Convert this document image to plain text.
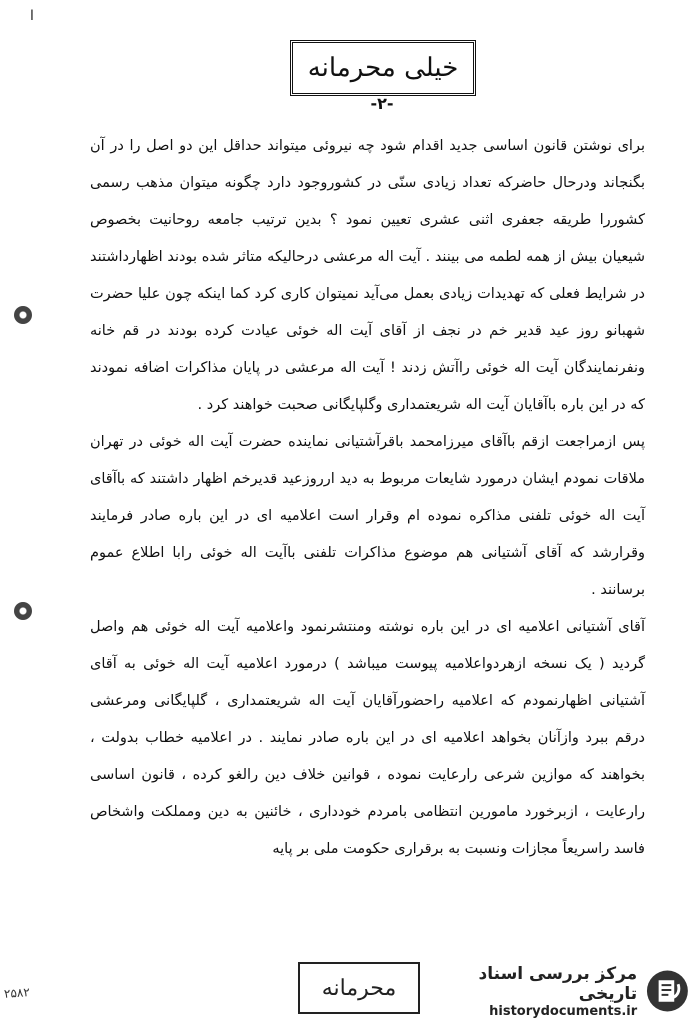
ا
خیلی محرمانه
-۲-

برای نوشتن قانون اساسی جدید اقدام شود چه نیروئی میتواند حداقل این دو اصل را در آن بگنجاند ودرحال حاضرکه تعداد زیادی سنّی در کشوروجود دارد چگونه میتوان مذهب رسمی کشوررا طریقه‌ جعفری اثنی عشری تعیین نمود ؟ بدین ترتیب جامعه‌ روحانیت بخصوص شیعیان بیش از همه لطمه می بینند . آیت اله مرعشی درحالیکه متاثر شده بودند اظهارداشتند در شرایط فعلی که تهدیدات زیادی بعمل می‌آید نمیتوان کاری کرد کما اینکه چون علیا حضرت شهبانو روز عید قدیر خم در نجف از آقای آیت اله خوئی عیادت کرده بودند در قم خانه‌ ونفرنمایندگان آیت اله خوئی راآتش زدند ! آیت اله مرعشی در پایان مذاکرات اضافه نمودند که در این باره باآقایان آیت اله شریعتمداری وگلپایگانی صحبت خواهند کرد .

پس ازمراجعت ازقم باآقای میرزامحمد باقرآشتیانی نماینده‌ حضرت آیت اله خوئی در تهران ملاقات نمودم ایشان درمورد شایعات مربوط به دید ارروزعید قدیرخم اظهار داشتند که باآقای آیت اله خوئی تلفنی مذاکره نموده ام وقرار است اعلامیه ای در این باره صادر فرمایند وقرارشد که آقای آشتیانی هم موضوع مذاکرات تلفنی باآیت اله خوئی رابا اطلاع عموم برسانند .

آقای آشتیانی اعلامیه ای در این باره نوشته ومنتشرنمود واعلامیه آیت اله خوئی هم واصل گردید ( یک نسخه ازهردواعلامیه پیوست میباشد ) درمورد اعلامیه آیت اله خوئی به آقای آشتیانی اظهارنمودم که اعلامیه راحضورآقایان آیت اله شریعتمداری ، گلپایگانی ومرعشی درقم ببرد وازآنان بخواهد اعلامیه ای در این باره صادر نمایند . در اعلامیه خطاب بدولت ، بخواهند که موازین شرعی رارعایت نموده ، قوانین خلاف دین رالغو کرده ، قانون اساسی رارعایت ، ازبرخورد مامورین انتظامی بامردم خودداری ، خائنین به دین ومملکت واشخاص فاسد راسریعاً مجازات ونسبت به برقراری حکومت ملی بر پایه‌

محرمانه
۲۵۸۲
مرکز بررسی اسناد تاریخی
historydocuments.ir
